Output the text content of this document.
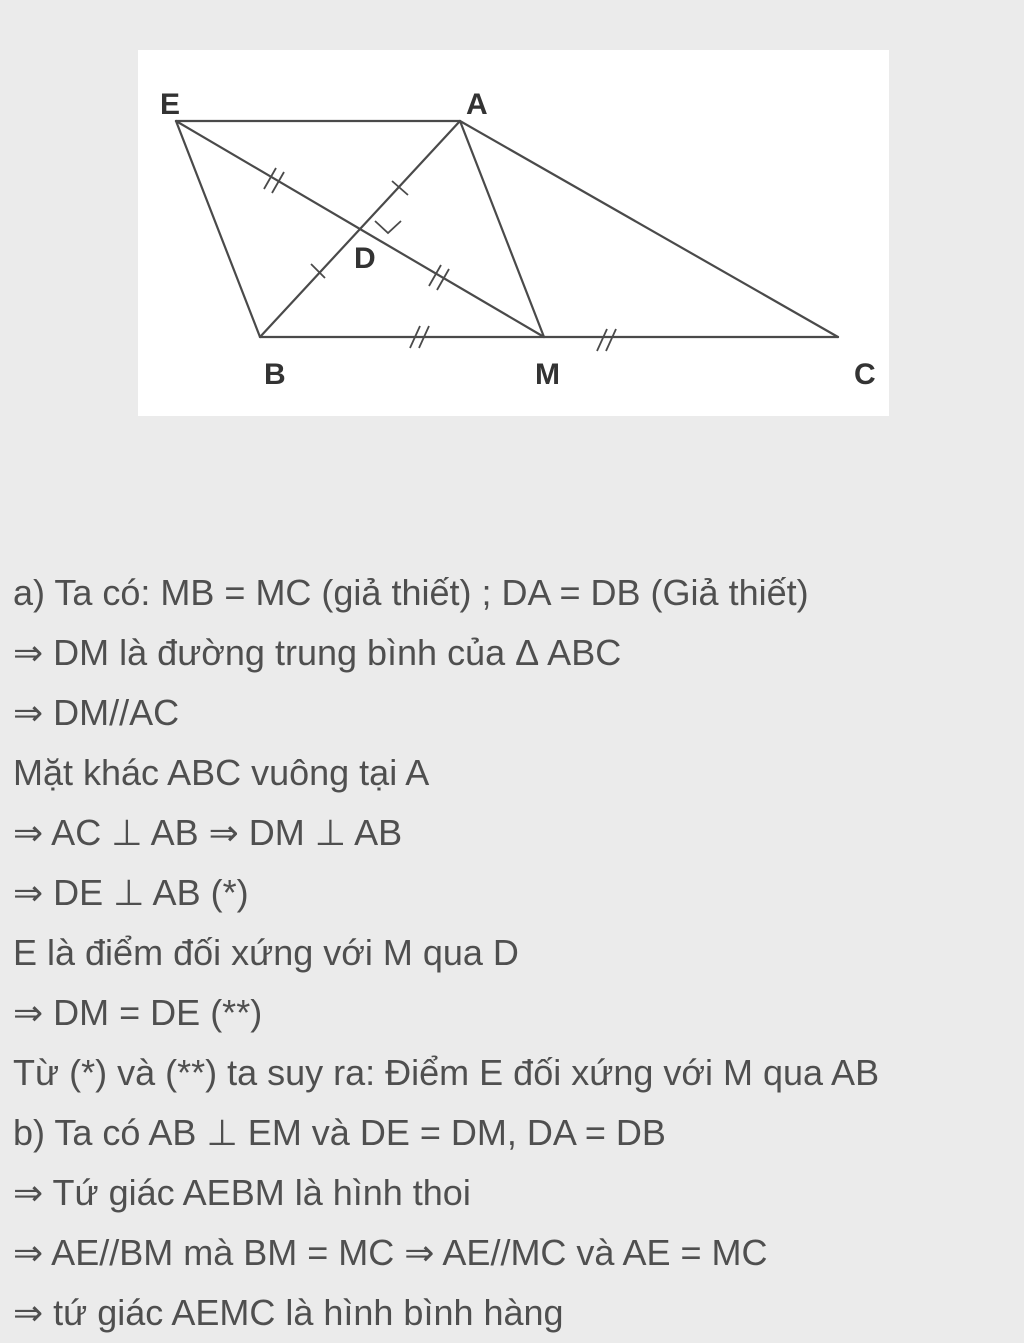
E	A
D
B	M	C
a) Ta có: MB = MC (giả thiết) ; DA = DB (Giả thiết)
⇒ DM là đường trung bình của Δ ABC
⇒ DM//AC
Mặt khác ABC vuông tại A
⇒ AC ⊥ AB ⇒ DM ⊥ AB
⇒ DE ⊥ AB (*)
E là điểm đối xứng với M qua D
⇒ DM = DE (**)
Từ (*) và (**) ta suy ra: Điểm E đối xứng với M qua AB
b) Ta có AB ⊥ EM và DE = DM, DA = DB
⇒ Tứ giác AEBM là hình thoi
⇒ AE//BM mà BM = MC ⇒ AE//MC và AE = MC
⇒ tứ giác AEMC là hình bình hàng
